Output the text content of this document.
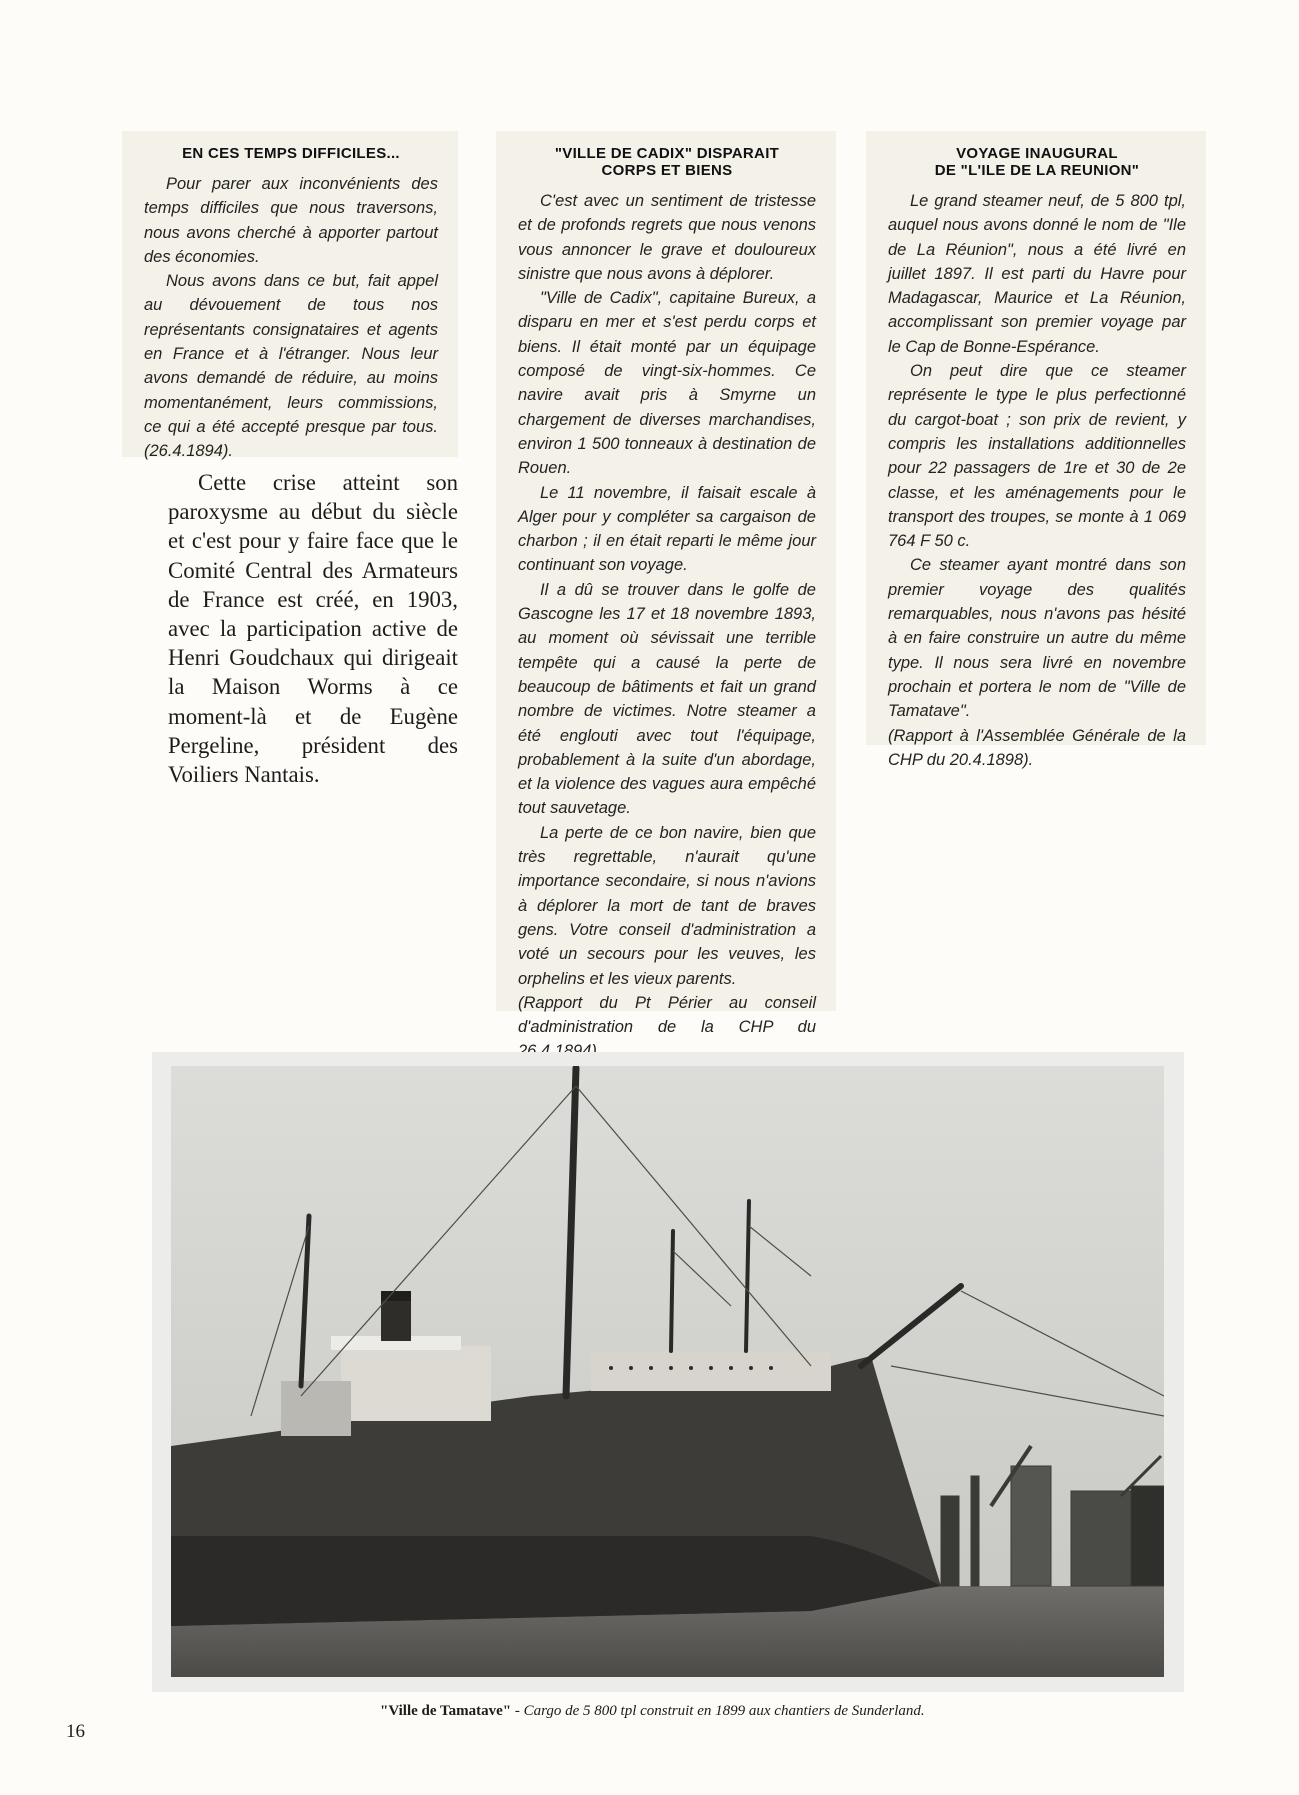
EN CES TEMPS DIFFICILES...

Pour parer aux inconvénients des temps difficiles que nous traversons, nous avons cherché à apporter partout des économies.

Nous avons dans ce but, fait appel au dévouement de tous nos représentants consignataires et agents en France et à l'étranger. Nous leur avons demandé de réduire, au moins momentanément, leurs commissions, ce qui a été accepté presque par tous. (26.4.1894).

Cette crise atteint son paroxysme au début du siècle et c'est pour y faire face que le Comité Central des Armateurs de France est créé, en 1903, avec la participation active de Henri Goudchaux qui dirigeait la Maison Worms à ce moment-là et de Eugène Pergeline, président des Voiliers Nantais.

"VILLE DE CADIX" DISPARAIT
CORPS ET BIENS

C'est avec un sentiment de tristesse et de profonds regrets que nous venons vous annoncer le grave et douloureux sinistre que nous avons à déplorer.

"Ville de Cadix", capitaine Bureux, a disparu en mer et s'est perdu corps et biens. Il était monté par un équipage composé de vingt-six-hommes. Ce navire avait pris à Smyrne un chargement de diverses marchandises, environ 1 500 tonneaux à destination de Rouen.

Le 11 novembre, il faisait escale à Alger pour y compléter sa cargaison de charbon ; il en était reparti le même jour continuant son voyage.

Il a dû se trouver dans le golfe de Gascogne les 17 et 18 novembre 1893, au moment où sévissait une terrible tempête qui a causé la perte de beaucoup de bâtiments et fait un grand nombre de victimes. Notre steamer a été englouti avec tout l'équipage, probablement à la suite d'un abordage, et la violence des vagues aura empêché tout sauvetage.

La perte de ce bon navire, bien que très regrettable, n'aurait qu'une importance secondaire, si nous n'avions à déplorer la mort de tant de braves gens. Votre conseil d'administration a voté un secours pour les veuves, les orphelins et les vieux parents.

(Rapport du Pt Périer au conseil d'administration de la CHP du

VOYAGE INAUGURAL
DE "L'ILE DE LA REUNION"

Le grand steamer neuf, de 5 800 tpl, auquel nous avons donné le nom de "Ile de La Réunion", nous a été livré en juillet 1897. Il est parti du Havre pour Madagascar, Maurice et La Réunion, accomplissant son premier voyage par le Cap de Bonne-Espérance.

On peut dire que ce steamer représente le type le plus perfectionné du cargot-boat ; son prix de revient, y compris les installations additionnelles pour 22 passagers de 1re et 30 de 2e classe, et les aménagements pour le transport des troupes, se monte à 1 069 764 F 50 c.

Ce steamer ayant montré dans son premier voyage des qualités remarquables, nous n'avons pas hésité à en faire construire un autre du même type. Il nous sera livré en novembre prochain et portera le nom de "Ville de Tamatave".

(Rapport à l'Assemblée Générale de la CHP du 20.4.1898).

"Ville de Tamatave" - Cargo de 5 800 tpl construit en 1899 aux chantiers de Sunderland.
16
